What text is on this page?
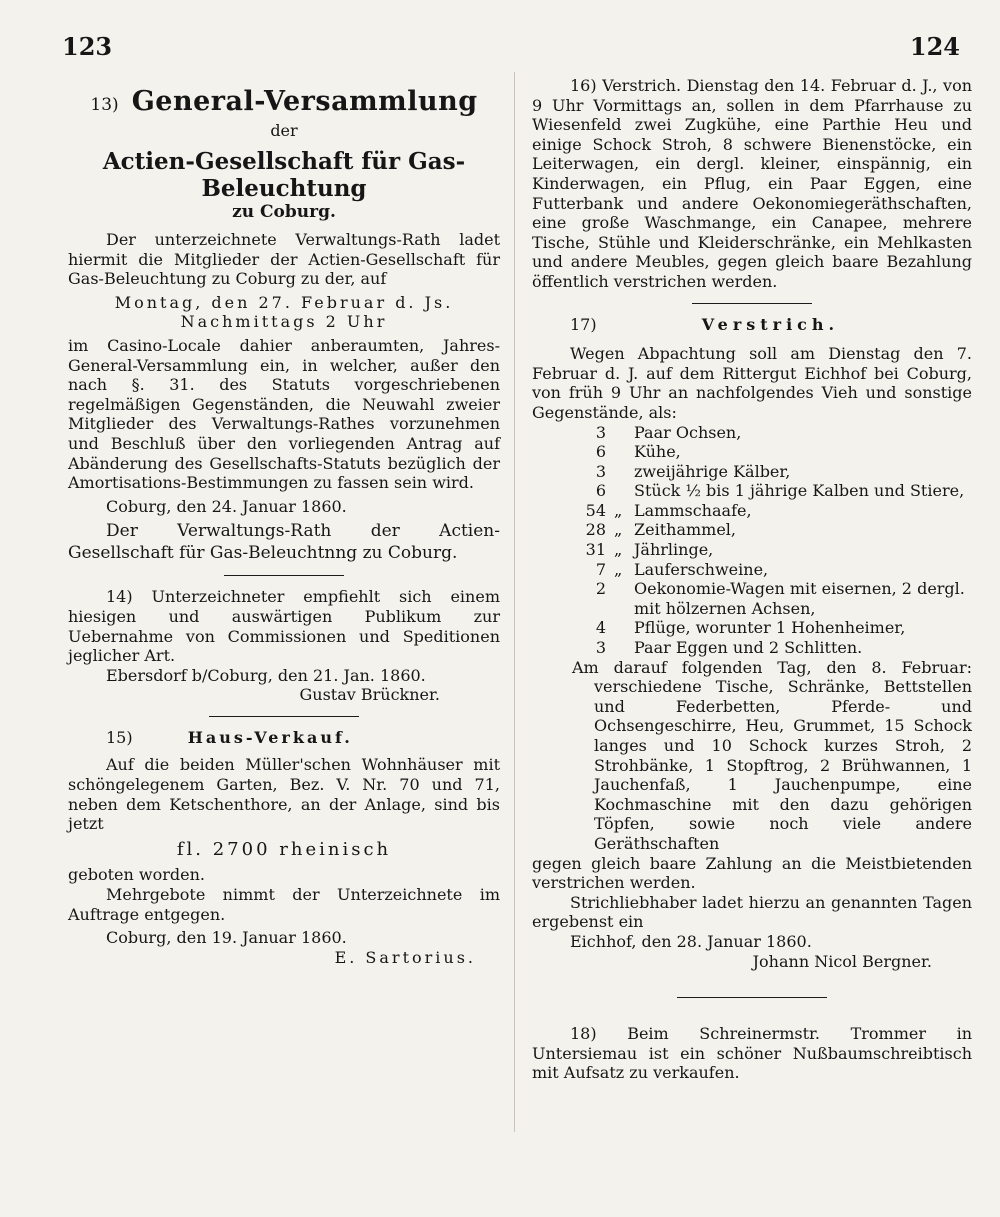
123	124
13) General-Versammlung
der
Actien-Gesellschaft für Gas-
Beleuchtung
zu Coburg.

Der unterzeichnete Verwaltungs-Rath ladet hiermit die Mitglieder der Actien-Gesellschaft für Gas-Beleuchtung zu Coburg zu der, auf

Montag, den 27. Februar d. Js.
Nachmittags 2 Uhr

im Casino-Locale dahier anberaumten, Jahres-General-Versammlung ein, in welcher, außer den nach §. 31. des Statuts vorgeschriebenen regelmäßigen Gegenständen, die Neuwahl zweier Mitglieder des Verwaltungs-Rathes vorzunehmen und Beschluß über den vorliegenden Antrag auf Abänderung des Gesellschafts-Statuts bezüglich der Amortisations-Bestimmungen zu fassen sein wird.

Coburg, den 24. Januar 1860.

Der Verwaltungs-Rath der Actien-Gesellschaft für Gas-Beleuchtnng zu Coburg.

14) Unterzeichneter empfiehlt sich einem hiesigen und auswärtigen Publikum zur Uebernahme von Commissionen und Speditionen jeglicher Art.

Ebersdorf b/Coburg, den 21. Jan. 1860.

Gustav Brückner.
15)	Haus-Verkauf.

Auf die beiden Müller'schen Wohnhäuser mit schöngelegenem Garten, Bez. V. Nr. 70 und 71, neben dem Ketschenthore, an der Anlage, sind bis jetzt

fl. 2700 rheinisch

geboten worden.

Mehrgebote nimmt der Unterzeichnete im Auftrage entgegen.

Coburg, den 19. Januar 1860.

E. Sartorius.

16) Verstrich. Dienstag den 14. Februar d. J., von 9 Uhr Vormittags an, sollen in dem Pfarrhause zu Wiesenfeld zwei Zugkühe, eine Parthie Heu und einige Schock Stroh, 8 schwere Bienenstöcke, ein Leiterwagen, ein dergl. kleiner, einspännig, ein Kinderwagen, ein Pflug, ein Paar Eggen, eine Futterbank und andere Oekonomiegeräthschaften, eine große Waschmange, ein Canapee, mehrere Tische, Stühle und Kleiderschränke, ein Mehlkasten und andere Meubles, gegen gleich baare Bezahlung öffentlich verstrichen werden.

17)	Verstrich.

Wegen Abpachtung soll am Dienstag den 7. Februar d. J. auf dem Rittergut Eichhof bei Coburg, von früh 9 Uhr an nachfolgendes Vieh und sonstige Gegenstände, als:

3	Paar Ochsen,
6	Kühe,
3	zweijährige Kälber,
6	Stück ½ bis 1 jährige Kalben und Stiere,
54 „ Lammschaafe,
28 „ Zeithammel,
31 „ Jährlinge,
7 „ Lauferschweine,
2	Oekonomie-Wagen mit eisernen, 2 dergl. mit hölzernen Achsen,
4	Pflüge, worunter 1 Hohenheimer,
3	Paar Eggen und 2 Schlitten.

Am darauf folgenden Tag, den 8. Februar: verschiedene Tische, Schränke, Bettstellen und Federbetten, Pferde- und Ochsengeschirre, Heu, Grummet, 15 Schock langes und 10 Schock kurzes Stroh, 2 Strohbänke, 1 Stopftrog, 2 Brühwannen, 1 Jauchenfaß, 1 Jauchenpumpe, eine Kochmaschine mit den dazu gehörigen Töpfen, sowie noch viele andere Geräthschaften

gegen gleich baare Zahlung an die Meistbietenden verstrichen werden.

Strichliebhaber ladet hierzu an genannten Tagen ergebenst ein

Eichhof, den 28. Januar 1860.

Johann Nicol Bergner.

18) Beim Schreinermstr. Trommer in Untersiemau ist ein schöner Nußbaumschreibtisch mit Aufsatz zu verkaufen.
